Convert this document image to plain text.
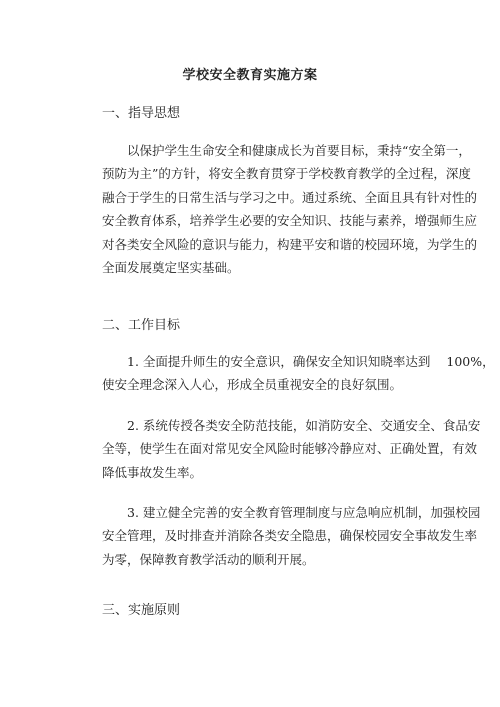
学校安全教育实施方案
一、指导思想
以保护学生生命安全和健康成长为首要目标，秉持“安全第一，
预防为主”的方针，将安全教育贯穿于学校教育教学的全过程，深度
融合于学生的日常生活与学习之中。通过系统、全面且具有针对性的
安全教育体系，培养学生必要的安全知识、技能与素养，增强师生应
对各类安全风险的意识与能力，构建平安和谐的校园环境，为学生的
全面发展奠定坚实基础。
二、工作目标
1. 全面提升师生的安全意识，确保安全知识知晓率达到 100%，
使安全理念深入人心，形成全员重视安全的良好氛围。
2. 系统传授各类安全防范技能，如消防安全、交通安全、食品安
全等，使学生在面对常见安全风险时能够冷静应对、正确处置，有效
降低事故发生率。
3. 建立健全完善的安全教育管理制度与应急响应机制，加强校园
安全管理，及时排查并消除各类安全隐患，确保校园安全事故发生率
为零，保障教育教学活动的顺利开展。
三、实施原则
